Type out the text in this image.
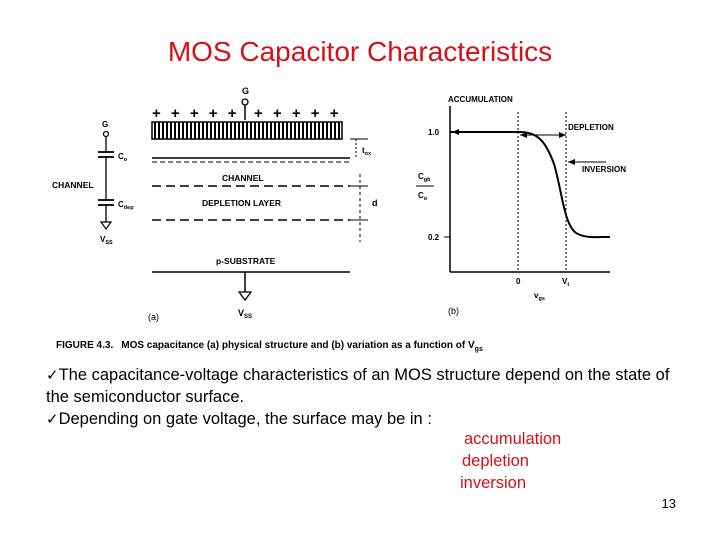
MOS Capacitor Characteristics
G
+ + + + + + + + + +
CHANNEL
DEPLETION LAYER
p-SUBSTRATE
$V_{SS}$
(a)
$t_{ox}$
d
G
$C_o$
CHANNEL
$C_{dep}$
$V_{SS}$
ACCUMULATION
1.0
0.2
$C_{gb}$
$C_o$
DEPLETION
INVERSION
0	$V_t$
$v_{gs}$
(b)
FIGURE 4.3. MOS capacitance (a) physical structure and (b) variation as a function of $V_{gs}$

✓The capacitance-voltage characteristics of an MOS structure depend on the state of the semiconductor surface.

✓Depending on gate voltage, the surface may be in :

accumulation
depletion
inversion
13
